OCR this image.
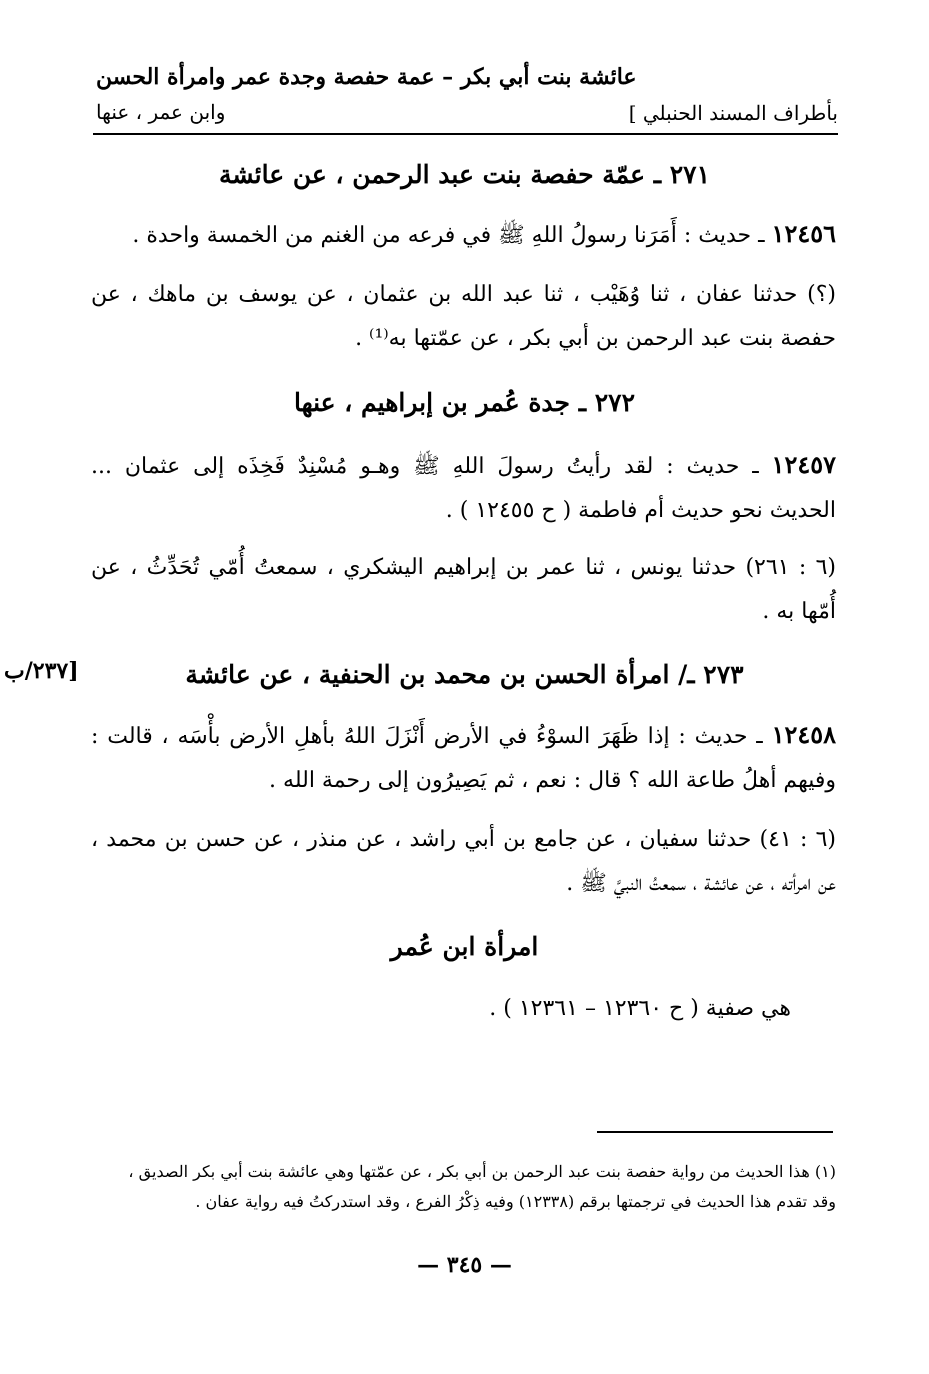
عائشة بنت أبي بكر – عمة حفصة وجدة عمر وامرأة الحسن
وابن عمر ، عنها	بأطراف المسند الحنبلي ]
٢٧١ ـ عمّة حفصة بنت عبد الرحمن ، عن عائشة
١٢٤٥٦ ـ حديث : أَمَرَنا رسولُ اللهِ ﷺ في فرعه من الغنم من الخمسة واحدة .
(؟) حدثنا عفان ، ثنا وُهَيْب ، ثنا عبد الله بن عثمان ، عن يوسف بن ماهك ، عن
حفصة بنت عبد الرحمن بن أبي بكر ، عن عمّتها به⁽¹⁾ .
٢٧٢ ـ جدة عُمر بن إبراهيم ، عنها
١٢٤٥٧ ـ حديث : لقد رأيتُ رسولَ اللهِ ﷺ وهـو مُسْنِدٌ فَخِذَه إلى عثمان ...
الحديث نحو حديث أم فاطمة ( ح ١٢٤٥٥ ) .
(٦ : ٢٦١) حدثنا يونس ، ثنا عمر بن إبراهيم اليشكري ، سمعتُ أُمّي تُحَدِّثُ ، عن
أُمّها به .
[٢٣٧/ب	٢٧٣ ـ/ امرأة الحسن بن محمد بن الحنفية ، عن عائشة
١٢٤٥٨ ـ حديث : إذا ظَهَرَ السوْءُ في الأرض أَنْزَلَ اللهُ بأهلِ الأرض بأْسَه ، قالت :
وفيهم أهلُ طاعة الله ؟ قال : نعم ، ثم يَصِيرُون إلى رحمة الله .
(٦ : ٤١) حدثنا سفيان ، عن جامع بن أبي راشد ، عن منذر ، عن حسن بن محمد ،
عن امرأته ، عن عائشة ، سمعتُ النبيَّ ﷺ .
امرأة ابن عُمر
هي صفية ( ح ١٢٣٦٠ – ١٢٣٦١ ) .
(١) هذا الحديث من رواية حفصة بنت عبد الرحمن بن أبي بكر ، عن عمّتها وهي عائشة بنت أبي بكر الصديق ،
وقد تقدم هذا الحديث في ترجمتها برقم (١٢٣٣٨) وفيه ذِكْرُ الفرع ، وقد استدركتُ فيه رواية عفان .
— ٣٤٥ —
